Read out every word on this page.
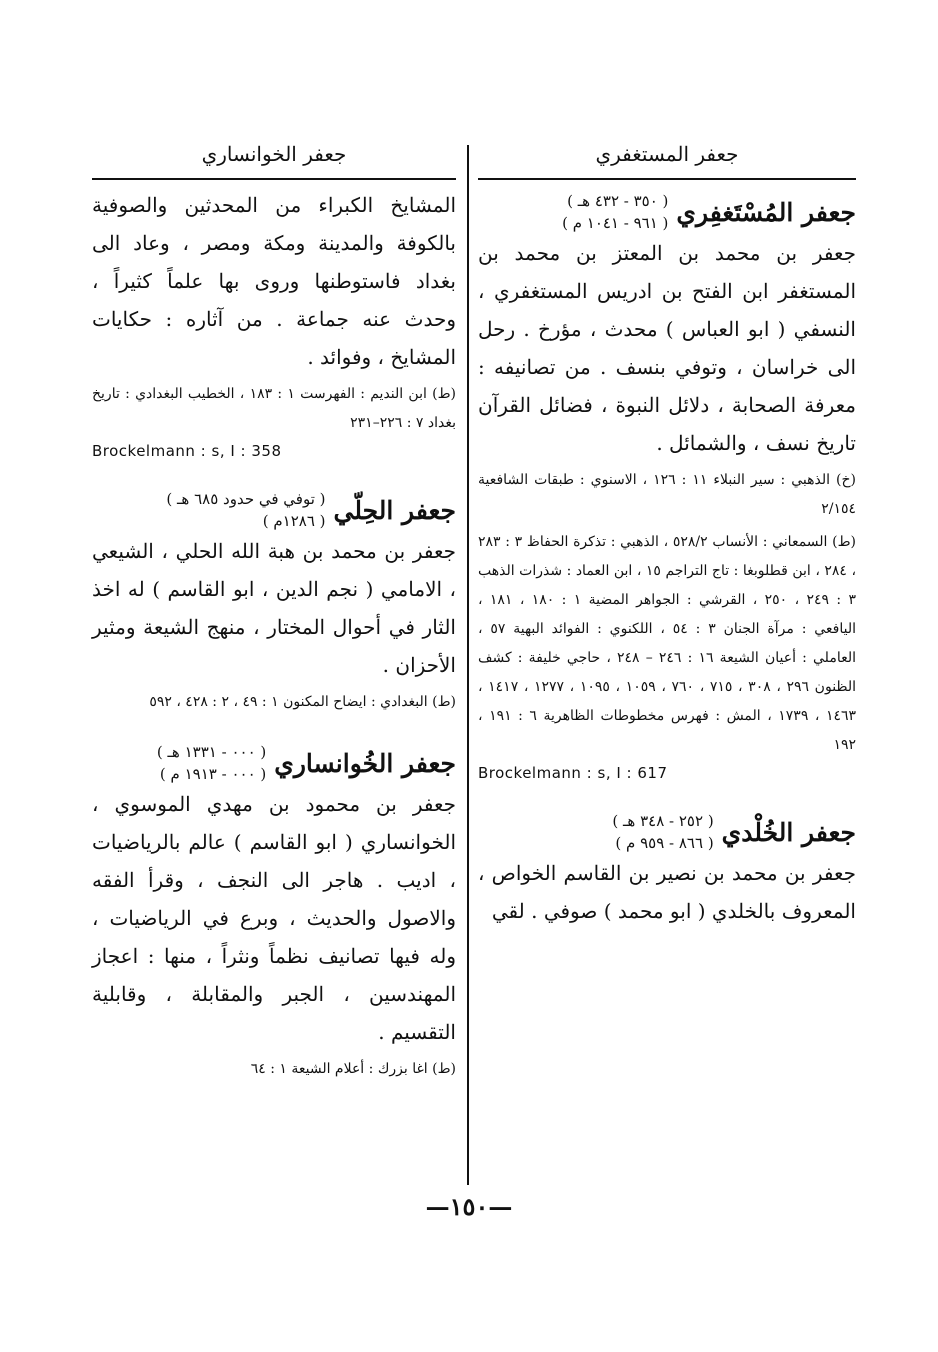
جعفر المستغفري
جعفر المُسْتَغفِري
( ٣٥٠ - ٤٣٢ هـ )
( ٩٦١ - ١٠٤١ م )

جعفر بن محمد بن المعتز بن محمد بن المستغفر ابن الفتح بن ادريس المستغفري ، النسفي ( ابو العباس ) محدث ، مؤرخ . رحل الى خراسان ، وتوفي بنسف . من تصانيفه : معرفة الصحابة ، دلائل النبوة ، فضائل القرآن تاريخ نسف ، والشمائل .

(خ) الذهبي : سير النبلاء ١١ : ١٢٦ ، الاسنوي : طبقات الشافعية ٢/١٥٤

(ط) السمعاني : الأنساب ٥٢٨/٢ ، الذهبي : تذكرة الحفاظ ٣ : ٢٨٣ ، ٢٨٤ ، ابن قطلوبغا : تاج التراجم ١٥ ، ابن العماد : شذرات الذهب ٣ : ٢٤٩ ، ٢٥٠ ، القرشي : الجواهر المضية ١ : ١٨٠ ، ١٨١ ، اليافعي : مرآة الجنان ٣ : ٥٤ ، اللكنوي : الفوائد البهية ٥٧ ، العاملي : أعيان الشيعة ١٦ : ٢٤٦ – ٢٤٨ ، حاجي خليفة : كشف الظنون ٢٩٦ ، ٣٠٨ ، ٧١٥ ، ٧٦٠ ، ١٠٥٩ ، ١٠٩٥ ، ١٢٧٧ ، ١٤١٧ ، ١٤٦٣ ، ١٧٣٩ ، المش : فهرس مخطوطات الظاهرية ٦ : ١٩١ ، ١٩٢

Brockelmann : s, I : 617
جعفر الخُلْدي
( ٢٥٢ - ٣٤٨ هـ )
( ٨٦٦ - ٩٥٩ م )

جعفر بن محمد بن نصير بن القاسم الخواص ، المعروف بالخلدي ( ابو محمد ) صوفي . لقي

جعفر الخوانساري

المشايخ الكبراء من المحدثين والصوفية بالكوفة والمدينة ومكة ومصر ، وعاد الى بغداد فاستوطنها وروى بها علماً كثيراً ، وحدث عنه جماعة . من آثاره : حكايات المشايخ ، وفوائد .

(ط) ابن النديم : الفهرست ١ : ١٨٣ ، الخطيب البغدادي : تاريخ بغداد ٧ : ٢٢٦–٢٣١

Brockelmann : s, I : 358
جعفر الحِلّي
( توفي في حدود ٦٨٥ هـ )
( ١٢٨٦م )

جعفر بن محمد بن هبة الله الحلي ، الشيعي ، الامامي ( نجم الدين ، ابو القاسم ) له اخذ الثار في أحوال المختار ، منهج الشيعة ومثير الأحزان .

(ط) البغدادي : ايضاح المكنون ١ : ٤٩ ، ٢ : ٤٢٨ ، ٥٩٢

جعفر الخُوانساري
( ٠٠٠ - ١٣٣١ هـ )
( ٠٠٠ - ١٩١٣ م )

جعفر بن محمود بن مهدي الموسوي ، الخوانساري ( ابو القاسم ) عالم بالرياضيات ، اديب . هاجر الى النجف ، وقرأ الفقه والاصول والحديث ، وبرع في الرياضيات ، وله فيها تصانيف نظماً ونثراً ، منها : اعجاز المهندسين ، الجبر والمقابلة ، وقابلية التقسيم .

(ط) اغا بزرك : أعلام الشيعة ١ : ٦٤

—١٥٠—
